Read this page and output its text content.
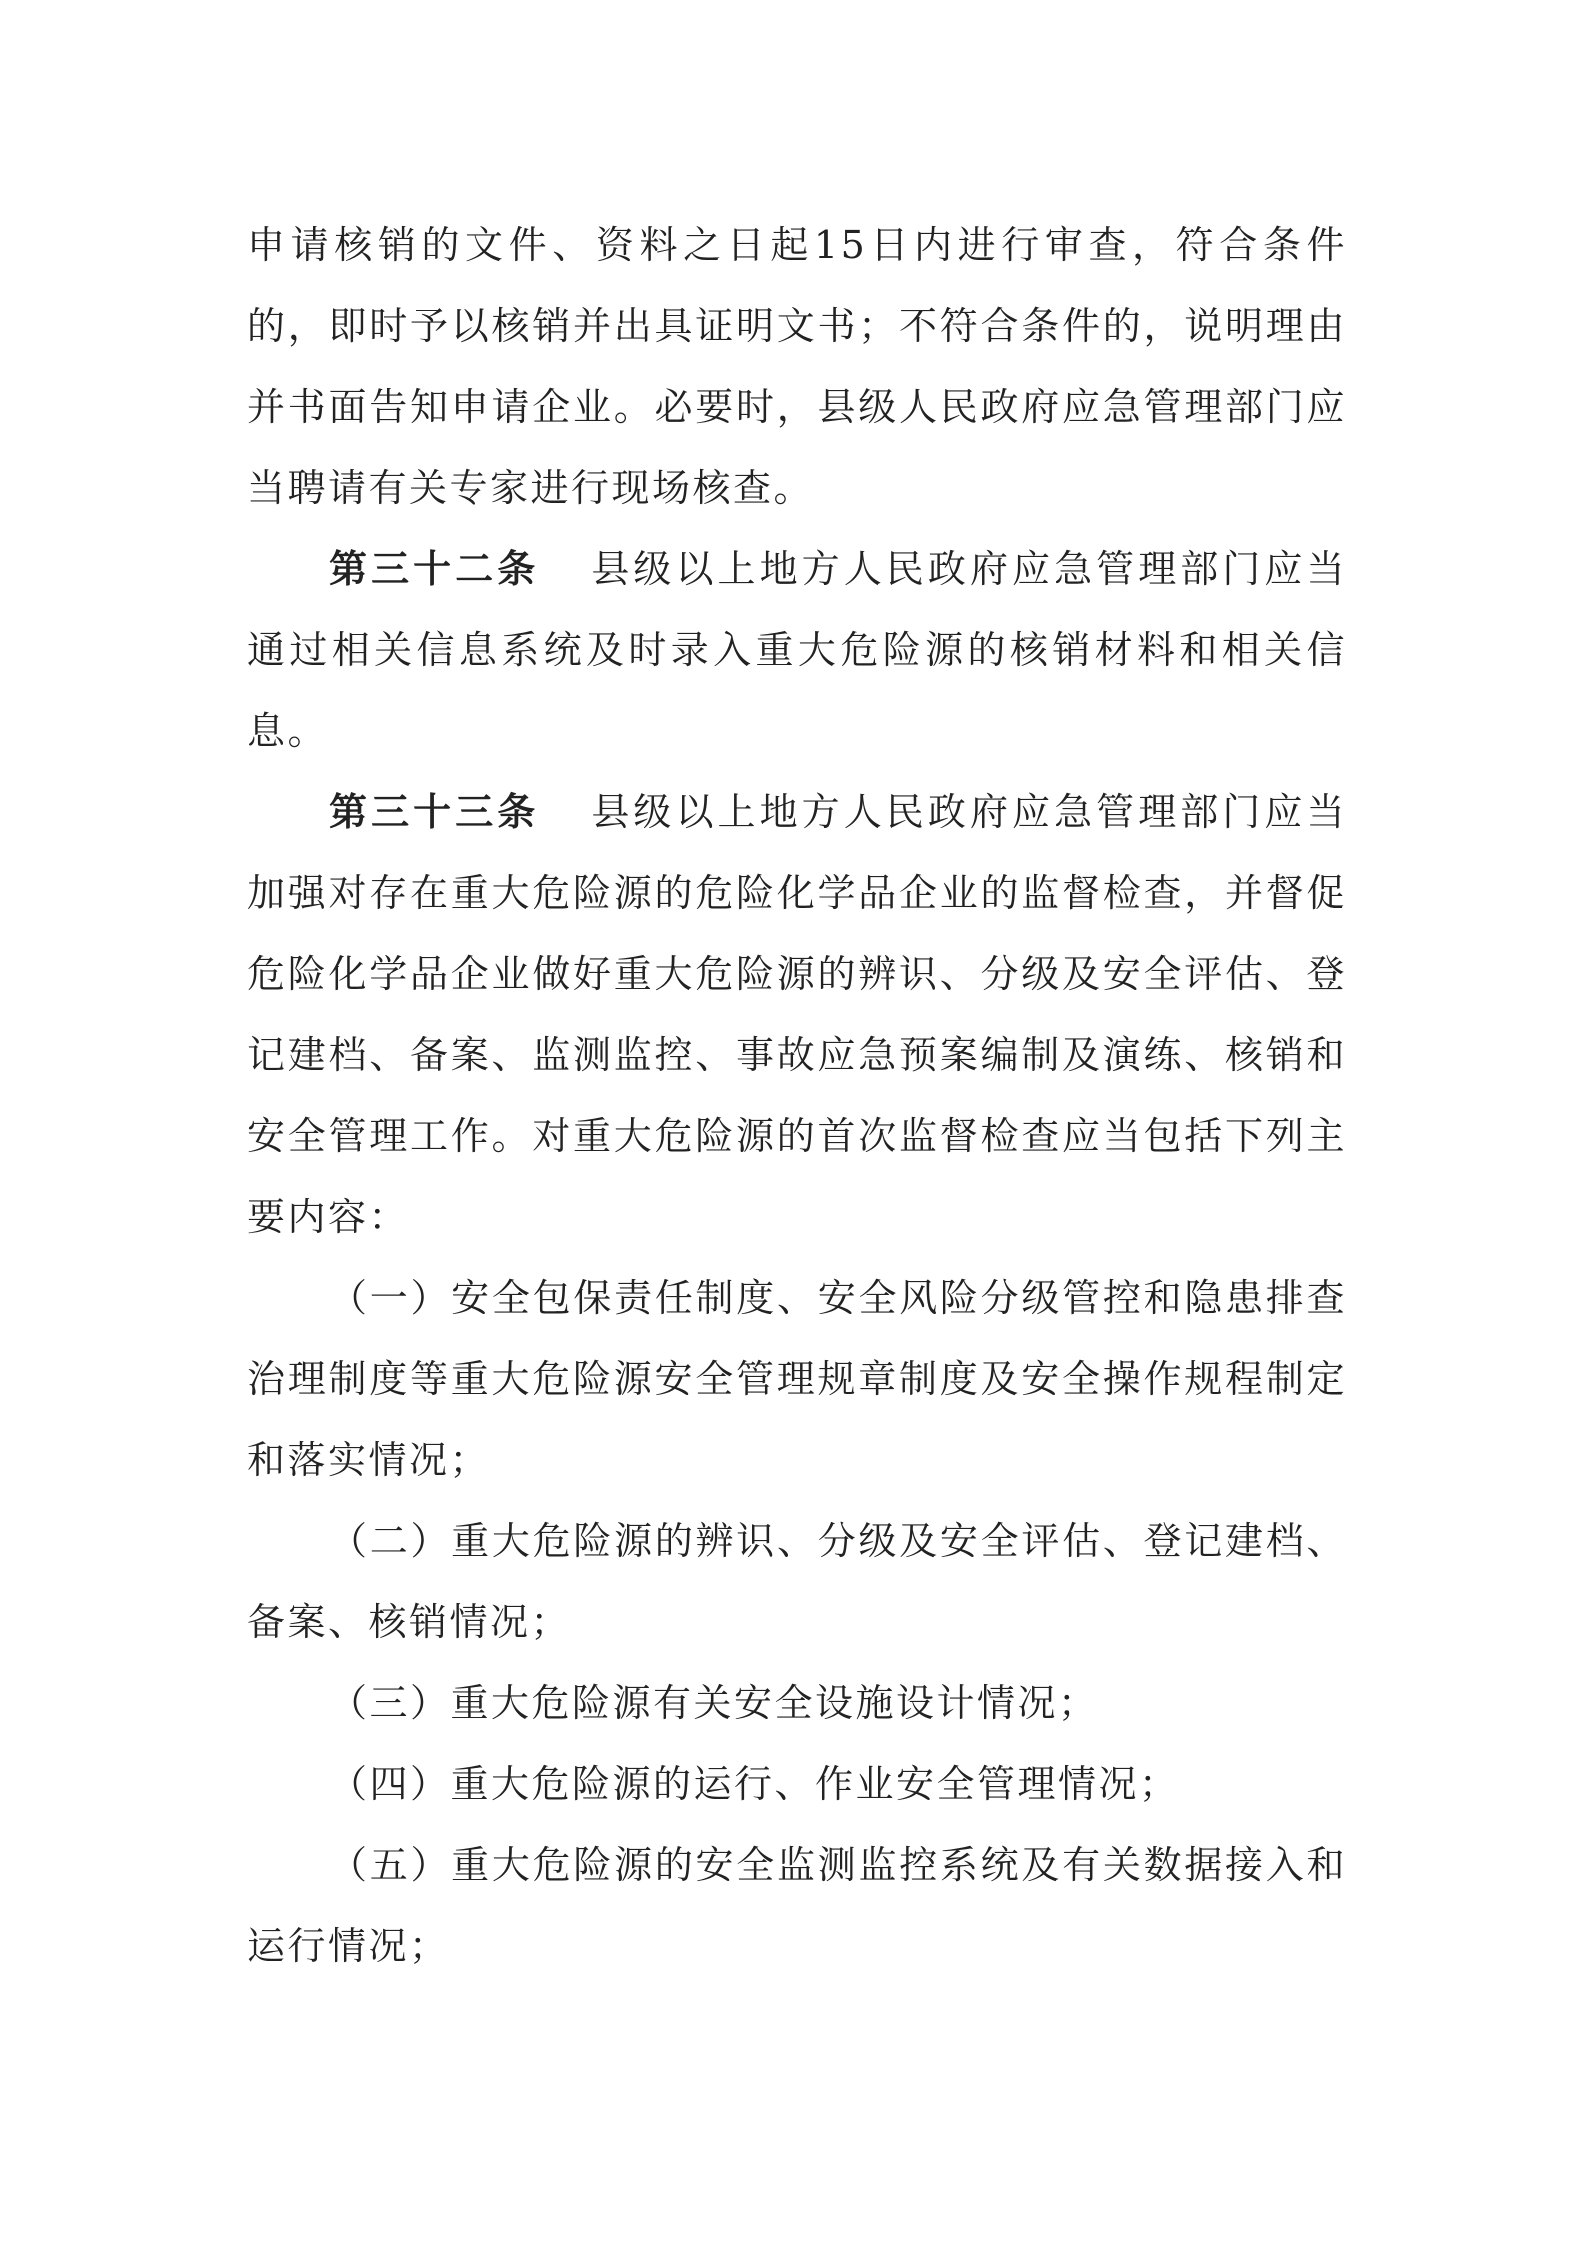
申请核销的文件、资料之日起15日内进行审查，符合条件的，即时予以核销并出具证明文书；不符合条件的，说明理由并书面告知申请企业。必要时，县级人民政府应急管理部门应当聘请有关专家进行现场核查。

第三十二条 县级以上地方人民政府应急管理部门应当通过相关信息系统及时录入重大危险源的核销材料和相关信息。

第三十三条 县级以上地方人民政府应急管理部门应当加强对存在重大危险源的危险化学品企业的监督检查，并督促危险化学品企业做好重大危险源的辨识、分级及安全评估、登记建档、备案、监测监控、事故应急预案编制及演练、核销和安全管理工作。对重大危险源的首次监督检查应当包括下列主要内容：

（一）安全包保责任制度、安全风险分级管控和隐患排查治理制度等重大危险源安全管理规章制度及安全操作规程制定和落实情况；

（二）重大危险源的辨识、分级及安全评估、登记建档、备案、核销情况；

（三）重大危险源有关安全设施设计情况；

（四）重大危险源的运行、作业安全管理情况；

（五）重大危险源的安全监测监控系统及有关数据接入和运行情况；
